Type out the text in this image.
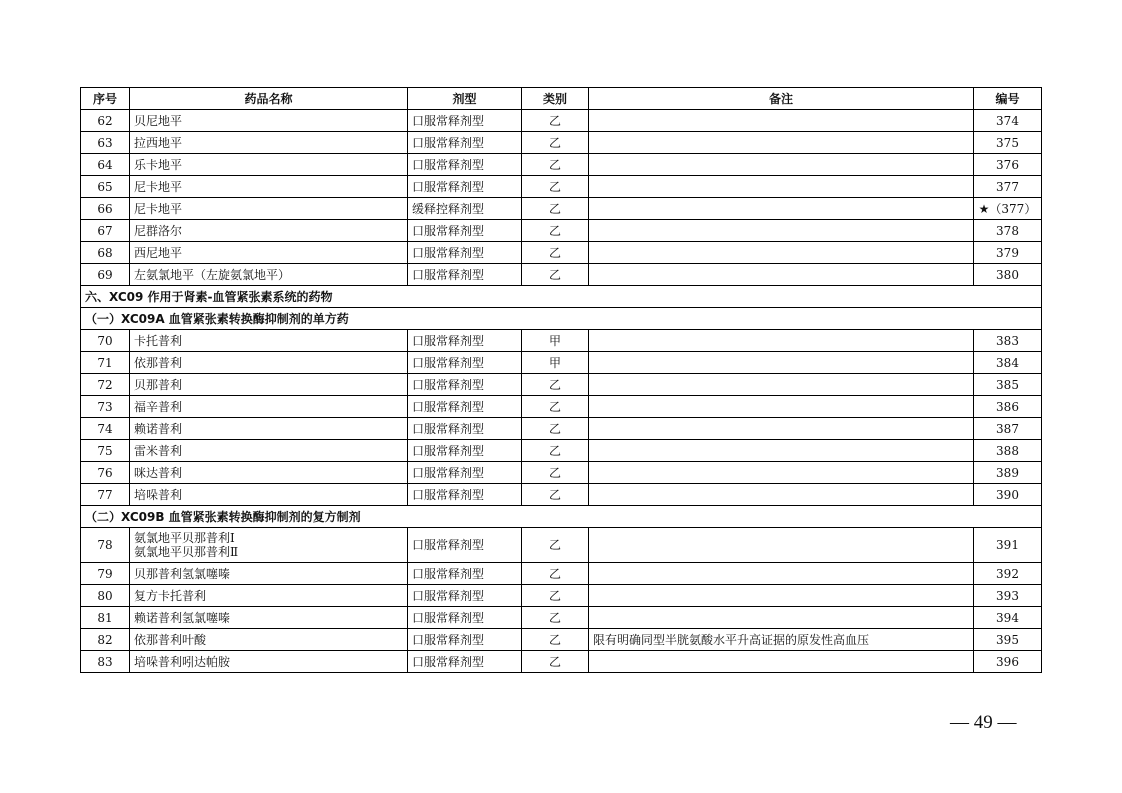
序号	药品名称	剂型	类别	备注	编号
62	贝尼地平	口服常释剂型	乙		374
63	拉西地平	口服常释剂型	乙		375
64	乐卡地平	口服常释剂型	乙		376
65	尼卡地平	口服常释剂型	乙		377
66	尼卡地平	缓释控释剂型	乙		★（377）
67	尼群洛尔	口服常释剂型	乙		378
68	西尼地平	口服常释剂型	乙		379
69	左氨氯地平（左旋氨氯地平）	口服常释剂型	乙		380
六、XC09 作用于肾素-血管紧张素系统的药物					
（一）XC09A 血管紧张素转换酶抑制剂的单方药					
70	卡托普利	口服常释剂型	甲		383
71	依那普利	口服常释剂型	甲		384
72	贝那普利	口服常释剂型	乙		385
73	福辛普利	口服常释剂型	乙		386
74	赖诺普利	口服常释剂型	乙		387
75	雷米普利	口服常释剂型	乙		388
76	咪达普利	口服常释剂型	乙		389
77	培哚普利	口服常释剂型	乙		390
（二）XC09B 血管紧张素转换酶抑制剂的复方制剂					
78	氨氯地平贝那普利Ⅰ
氨氯地平贝那普利Ⅱ	口服常释剂型	乙		391
79	贝那普利氢氯噻嗪	口服常释剂型	乙		392
80	复方卡托普利	口服常释剂型	乙		393
81	赖诺普利氢氯噻嗪	口服常释剂型	乙		394
82	依那普利叶酸	口服常释剂型	乙	限有明确同型半胱氨酸水平升高证据的原发性高血压	395
83	培哚普利吲达帕胺	口服常释剂型	乙		396
— 49 —
